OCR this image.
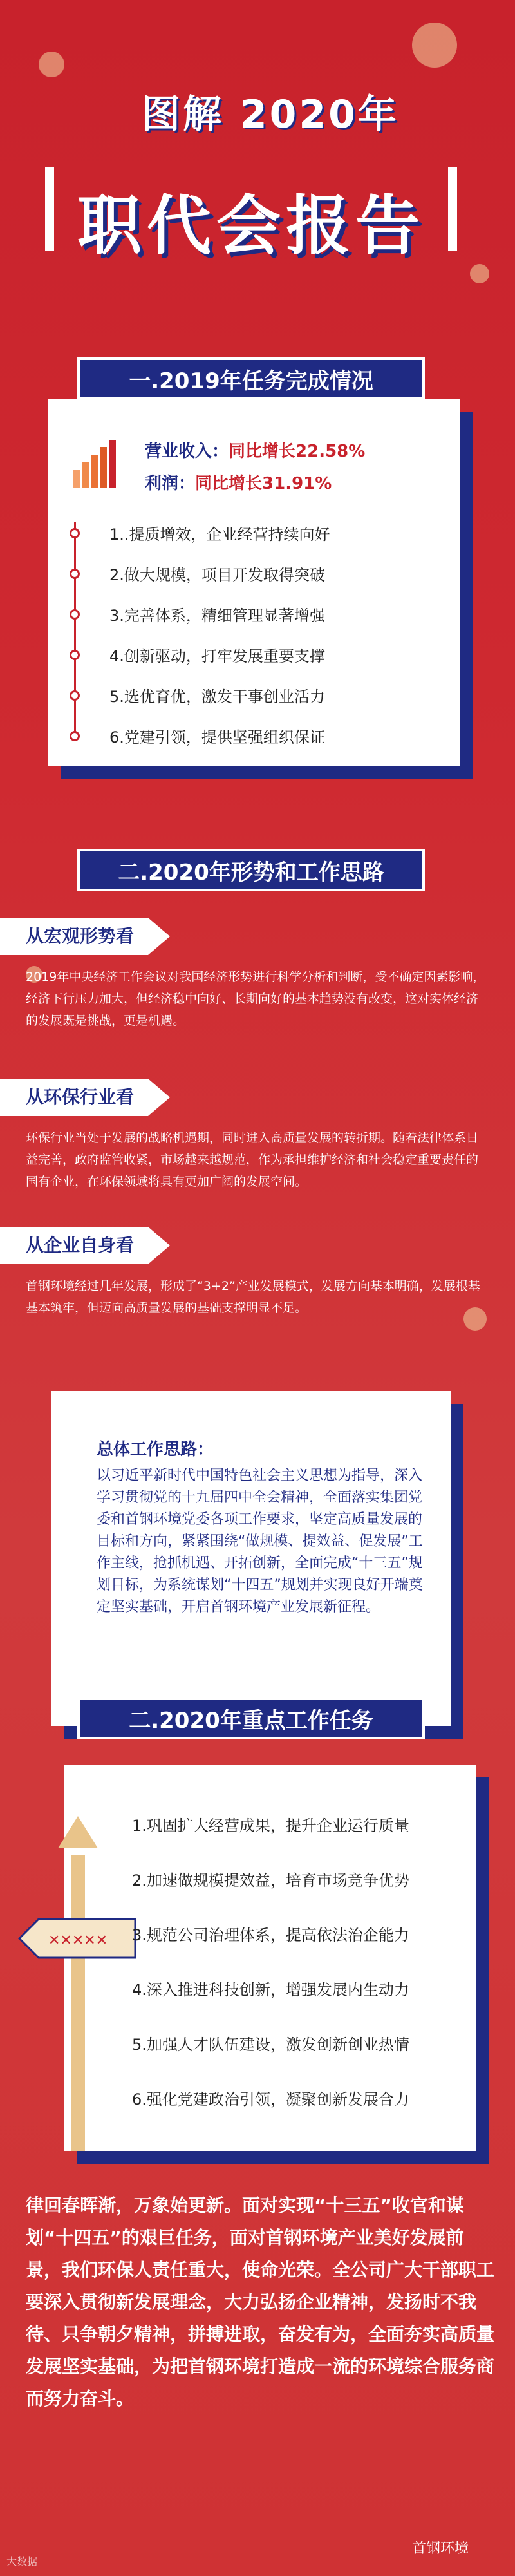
图解 2020年
职代会报告
一.2019年任务完成情况
营业收入：同比增长22.58%
利润：同比增长31.91%
1..提质增效，企业经营持续向好
2.做大规模，项目开发取得突破
3.完善体系，精细管理显著增强
4.创新驱动，打牢发展重要支撑
5.选优育优，激发干事创业活力
6.党建引领，提供坚强组织保证
二.2020年形势和工作思路
从宏观形势看
2019年中央经济工作会议对我国经济形势进行科学分析和判断，受不确定因素影响，经济下行压力加大，但经济稳中向好、长期向好的基本趋势没有改变，这对实体经济的发展既是挑战，更是机遇。
从环保行业看
环保行业当处于发展的战略机遇期，同时进入高质量发展的转折期。随着法律体系日益完善，政府监管收紧，市场越来越规范，作为承担维护经济和社会稳定重要责任的国有企业，在环保领域将具有更加广阔的发展空间。
从企业自身看
首钢环境经过几年发展，形成了“3+2”产业发展模式，发展方向基本明确，发展根基基本筑牢，但迈向高质量发展的基础支撑明显不足。
总体工作思路：
以习近平新时代中国特色社会主义思想为指导，深入学习贯彻党的十九届四中全会精神，全面落实集团党委和首钢环境党委各项工作要求，坚定高质量发展的目标和方向，紧紧围绕“做规模、提效益、促发展”工作主线，抢抓机遇、开拓创新，全面完成“十三五”规划目标，为系统谋划“十四五”规划并实现良好开端奠定坚实基础，开启首钢环境产业发展新征程。
二.2020年重点工作任务
✕✕✕✕✕
1.巩固扩大经营成果，提升企业运行质量
2.加速做规模提效益，培育市场竞争优势
3.规范公司治理体系，提高依法治企能力
4.深入推进科技创新，增强发展内生动力
5.加强人才队伍建设，激发创新创业热情
6.强化党建政治引领，凝聚创新发展合力
律回春晖渐，万象始更新。面对实现“十三五”收官和谋划“十四五”的艰巨任务，面对首钢环境产业美好发展前景，我们环保人责任重大，使命光荣。全公司广大干部职工要深入贯彻新发展理念，大力弘扬企业精神，发扬时不我待、只争朝夕精神，拼搏进取，奋发有为，全面夯实高质量发展坚实基础，为把首钢环境打造成一流的环境综合服务商而努力奋斗。
大数据
首钢环境
